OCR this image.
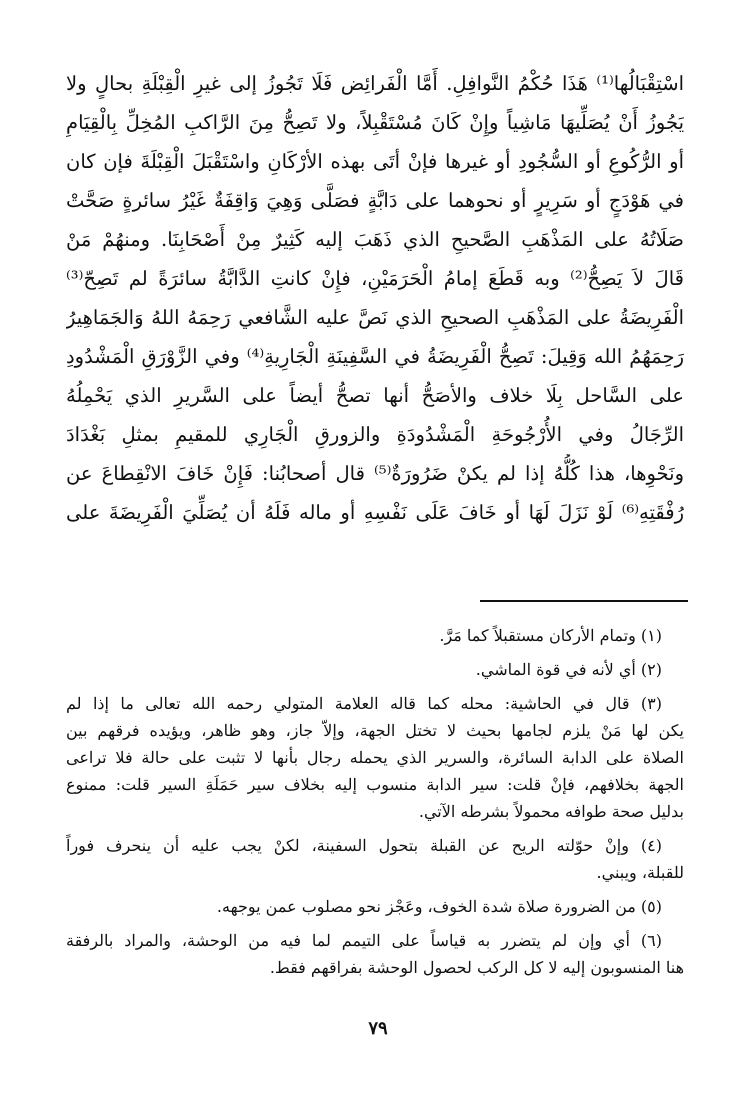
اسْتِقْبَالُها⁽¹⁾ هَذَا حُكْمُ النَّوافِلِ. أَمَّا الْفَرائِض فَلَا تَجُوزُ إلى غيرِ الْقِبْلَةِ بحالٍ ولا
يَجُوزُ أَنْ يُصَلِّيهَا مَاشِياً وإِنْ كَانَ مُسْتَقْبِلاً، ولا تَصِحُّ مِنَ الرَّاكبِ المُخِلِّ بِالْقِيَامِ
أو الرُّكُوعِ أو السُّجُودِ أو غيرها فإنْ أتَى بهذه الأرْكَانِ واسْتَقْبَلَ الْقِبْلَةَ فإن كان
في هَوْدَجٍ أو سَرِيرٍ أو نحوهما على دَابَّةٍ فصَلَّى وَهِيَ وَاقِفَةٌ غَيْرُ سائرةٍ صَحَّتْ
صَلَاتُهُ على المَذْهَبِ الصَّحيحِ الذي ذَهَبَ إليه كَثِيرٌ مِنْ أَصْحَابِنَا. ومنهُمْ مَنْ
قَالَ لاَ يَصِحُّ⁽²⁾ وبه قَطَعَ إمامُ الْحَرَمَيْنِ، فإِنْ كانتِ الدَّابَّةُ سائرَةً لم تَصِحّ⁽³⁾
الْفَرِيضَةُ على المَذْهَبِ الصحيحِ الذي نَصَّ عليه الشَّافعي رَحِمَهُ اللهُ وَالجَمَاهِيرُ
رَحِمَهُمُ الله وَقِيلَ: تَصِحُّ الْفَرِيضَةُ في السَّفِينَةِ الْجَارِيةِ⁽⁴⁾ وفي الزَّوْرَقِ الْمَشْدُودِ
على السَّاحل بِلَا خلاف والأصَحُّ أنها تصحُّ أيضاً على السَّريرِ الذي يَحْمِلُهُ
الرِّجَالُ وفي الأُرْجُوحَةِ الْمَشْدُودَةِ والزورقِ الْجَارِي للمقيمِ بمثلِ بَغْدَادَ
ونَحْوِها، هذا كُلُّهُ إذا لم يكنْ ضَرُورَةٌ⁽⁵⁾ قال أصحابُنا: فَإِنْ خَافَ الانْقِطاعَ عن
رُفْقَتِهِ⁽⁶⁾ لَوْ نَزَلَ لَهَا أو خَافَ عَلَى نَفْسِهِ أو ماله فَلَهُ أن يُصَلِّيَ الْفَرِيضَةَ على
(١) وتمام الأركان مستقبلاً كما مَرَّ.
(٢) أي لأنه في قوة الماشي.
(٣) قال في الحاشية: محله كما قاله العلامة المتولي رحمه الله تعالى ما إذا لم
يكن لها مَنْ يلزم لجامها بحيث لا تختل الجهة، وإلاّ جاز، وهو ظاهر، ويؤيده فرقهم بين
الصلاة على الدابة السائرة، والسرير الذي يحمله رجال بأنها لا تثبت على حالة فلا تراعى
الجهة بخلافهم، فإنْ قلت: سير الدابة منسوب إليه بخلاف سير حَمَلَةِ السير قلت: ممنوع
بدليل صحة طوافه محمولاً بشرطه الآتي.
(٤) وإنْ حوّلته الريح عن القبلة بتحول السفينة، لكنْ يجب عليه أن ينحرف فوراً
للقبلة، ويبني.
(٥) من الضرورة صلاة شدة الخوف، وعَجْز نحو مصلوب عمن يوجهه.
(٦) أي وإن لم يتضرر به قياساً على التيمم لما فيه من الوحشة، والمراد بالرفقة
هنا المنسوبون إليه لا كل الركب لحصول الوحشة بفراقهم فقط.
٧٩
